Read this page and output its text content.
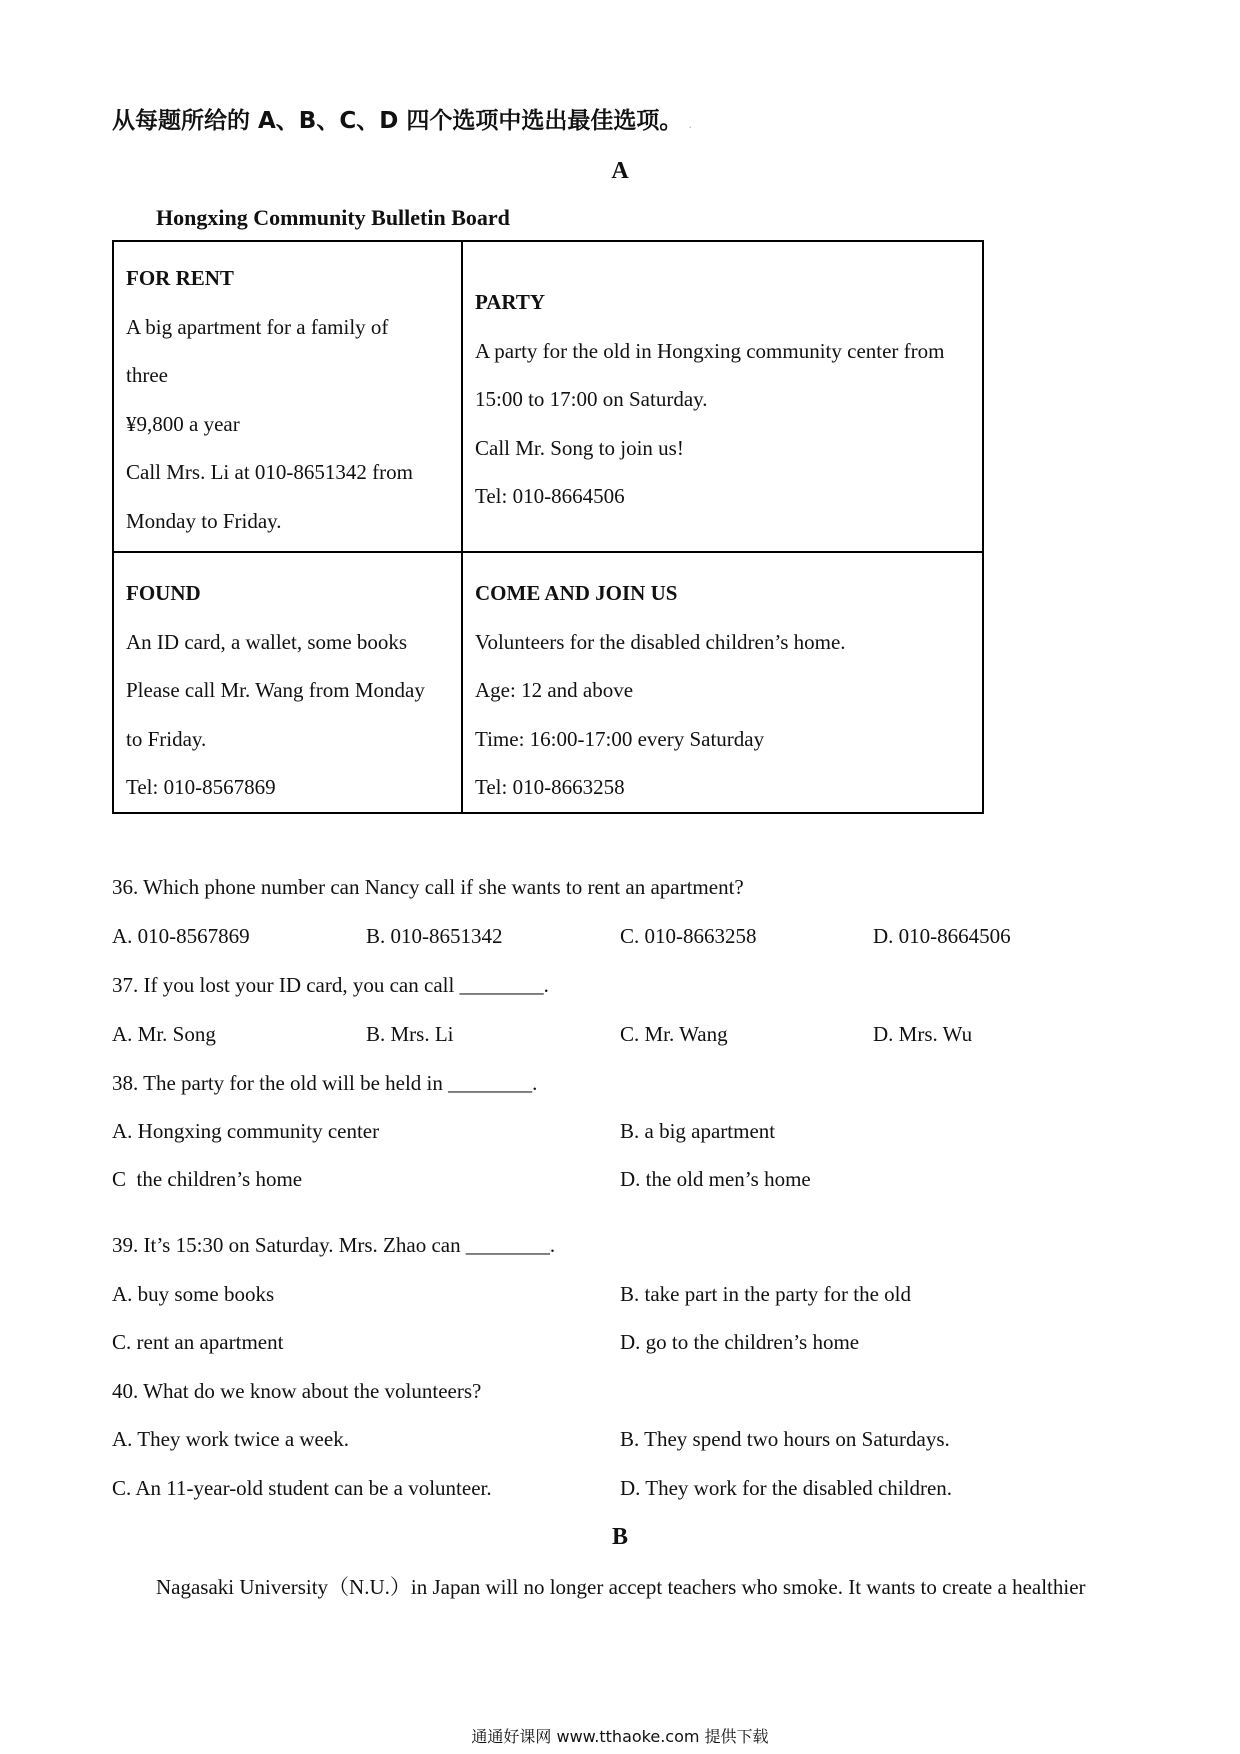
从每题所给的 A、B、C、D 四个选项中选出最佳选项。 .
A
Hongxing Community Bulletin Board
FOR RENT
A big apartment for a family of
three
¥9,800 a year
Call Mrs. Li at 010-8651342 from
Monday to Friday.
PARTY
A party for the old in Hongxing community center from
15:00 to 17:00 on Saturday.
Call Mr. Song to join us!
Tel: 010-8664506
FOUND
An ID card, a wallet, some books
Please call Mr. Wang from Monday
to Friday.
Tel: 010-8567869
COME AND JOIN US
Volunteers for the disabled children’s home.
Age: 12 and above
Time: 16:00-17:00 every Saturday
Tel: 010-8663258
36. Which phone number can Nancy call if she wants to rent an apartment?
A. 010-8567869	B. 010-8651342	C. 010-8663258	D. 010-8664506
37. If you lost your ID card, you can call ________.
A. Mr. Song	B. Mrs. Li	C. Mr. Wang	D. Mrs. Wu
38. The party for the old will be held in ________.
A. Hongxing community center	B. a big apartment
C  the children’s home	D. the old men’s home
39. It’s 15:30 on Saturday. Mrs. Zhao can ________.
A. buy some books	B. take part in the party for the old
C. rent an apartment	D. go to the children’s home
40. What do we know about the volunteers?
A. They work twice a week.	B. They spend two hours on Saturdays.
C. An 11-year-old student can be a volunteer.	D. They work for the disabled children.
B
Nagasaki University（N.U.）in Japan will no longer accept teachers who smoke. It wants to create a healthier
通通好课网 www.tthaoke.com 提供下载
